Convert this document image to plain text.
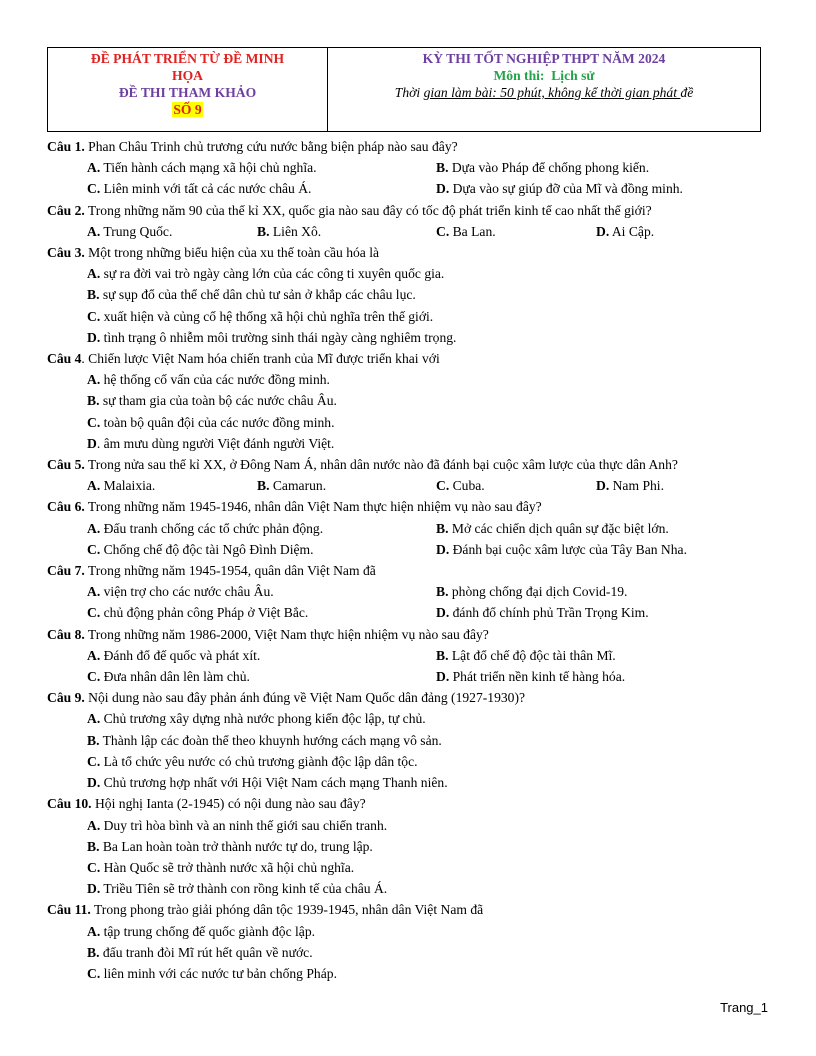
ĐỀ PHÁT TRIỂN TỪ ĐỀ MINH
HỌA
ĐỀ THI THAM KHẢO
SỐ 9
KỲ THI TỐT NGHIỆP THPT NĂM 2024
Môn thi: Lịch sử
Thời gian làm bài: 50 phút, không kể thời gian phát đề
Câu 1. Phan Châu Trinh chủ trương cứu nước bằng biện pháp nào sau đây?
A. Tiến hành cách mạng xã hội chủ nghĩa.	B. Dựa vào Pháp để chống phong kiến.
C. Liên minh với tất cả các nước châu Á.	D. Dựa vào sự giúp đỡ của Mĩ và đồng minh.
Câu 2. Trong những năm 90 của thế kỉ XX, quốc gia nào sau đây có tốc độ phát triển kinh tế cao nhất thế giới?
A. Trung Quốc.	B. Liên Xô.	C. Ba Lan.	D. Ai Cập.
Câu 3. Một trong những biểu hiện của xu thế toàn cầu hóa là
A. sự ra đời vai trò ngày càng lớn của các công ti xuyên quốc gia.
B. sự sụp đổ của thể chế dân chủ tư sản ở khắp các châu lục.
C. xuất hiện và củng cố hệ thống xã hội chủ nghĩa trên thế giới.
D. tình trạng ô nhiễm môi trường sinh thái ngày càng nghiêm trọng.
Câu 4. Chiến lược Việt Nam hóa chiến tranh của Mĩ được triển khai với
A. hệ thống cố vấn của các nước đồng minh.
B. sự tham gia của toàn bộ các nước châu Âu.
C. toàn bộ quân đội của các nước đồng minh.
D. âm mưu dùng người Việt đánh người Việt.
Câu 5. Trong nửa sau thế kỉ XX, ở Đông Nam Á, nhân dân nước nào đã đánh bại cuộc xâm lược của thực dân Anh?
A. Malaixia.	B. Camarun.	C. Cuba.	D. Nam Phi.
Câu 6. Trong những năm 1945-1946, nhân dân Việt Nam thực hiện nhiệm vụ nào sau đây?
A. Đấu tranh chống các tổ chức phản động.	B. Mở các chiến dịch quân sự đặc biệt lớn.
C. Chống chế độ độc tài Ngô Đình Diệm.	D. Đánh bại cuộc xâm lược của Tây Ban Nha.
Câu 7. Trong những năm 1945-1954, quân dân Việt Nam đã
A. viện trợ cho các nước châu Âu.	B. phòng chống đại dịch Covid-19.
C. chủ động phản công Pháp ở Việt Bắc.	D. đánh đổ chính phủ Trần Trọng Kim.
Câu 8. Trong những năm 1986-2000, Việt Nam thực hiện nhiệm vụ nào sau đây?
A. Đánh đổ đế quốc và phát xít.	B. Lật đổ chế độ độc tài thân Mĩ.
C. Đưa nhân dân lên làm chủ.	D. Phát triển nền kinh tế hàng hóa.
Câu 9. Nội dung nào sau đây phản ánh đúng về Việt Nam Quốc dân đảng (1927-1930)?
A. Chủ trương xây dựng nhà nước phong kiến độc lập, tự chủ.
B. Thành lập các đoàn thể theo khuynh hướng cách mạng vô sản.
C. Là tổ chức yêu nước có chủ trương giành độc lập dân tộc.
D. Chủ trương hợp nhất với Hội Việt Nam cách mạng Thanh niên.
Câu 10. Hội nghị Ianta (2-1945) có nội dung nào sau đây?
A. Duy trì hòa bình và an ninh thế giới sau chiến tranh.
B. Ba Lan hoàn toàn trở thành nước tự do, trung lập.
C. Hàn Quốc sẽ trở thành nước xã hội chủ nghĩa.
D. Triều Tiên sẽ trở thành con rồng kinh tế của châu Á.
Câu 11. Trong phong trào giải phóng dân tộc 1939-1945, nhân dân Việt Nam đã
A. tập trung chống đế quốc giành độc lập.
B. đấu tranh đòi Mĩ rút hết quân về nước.
C. liên minh với các nước tư bản chống Pháp.
Trang_1
